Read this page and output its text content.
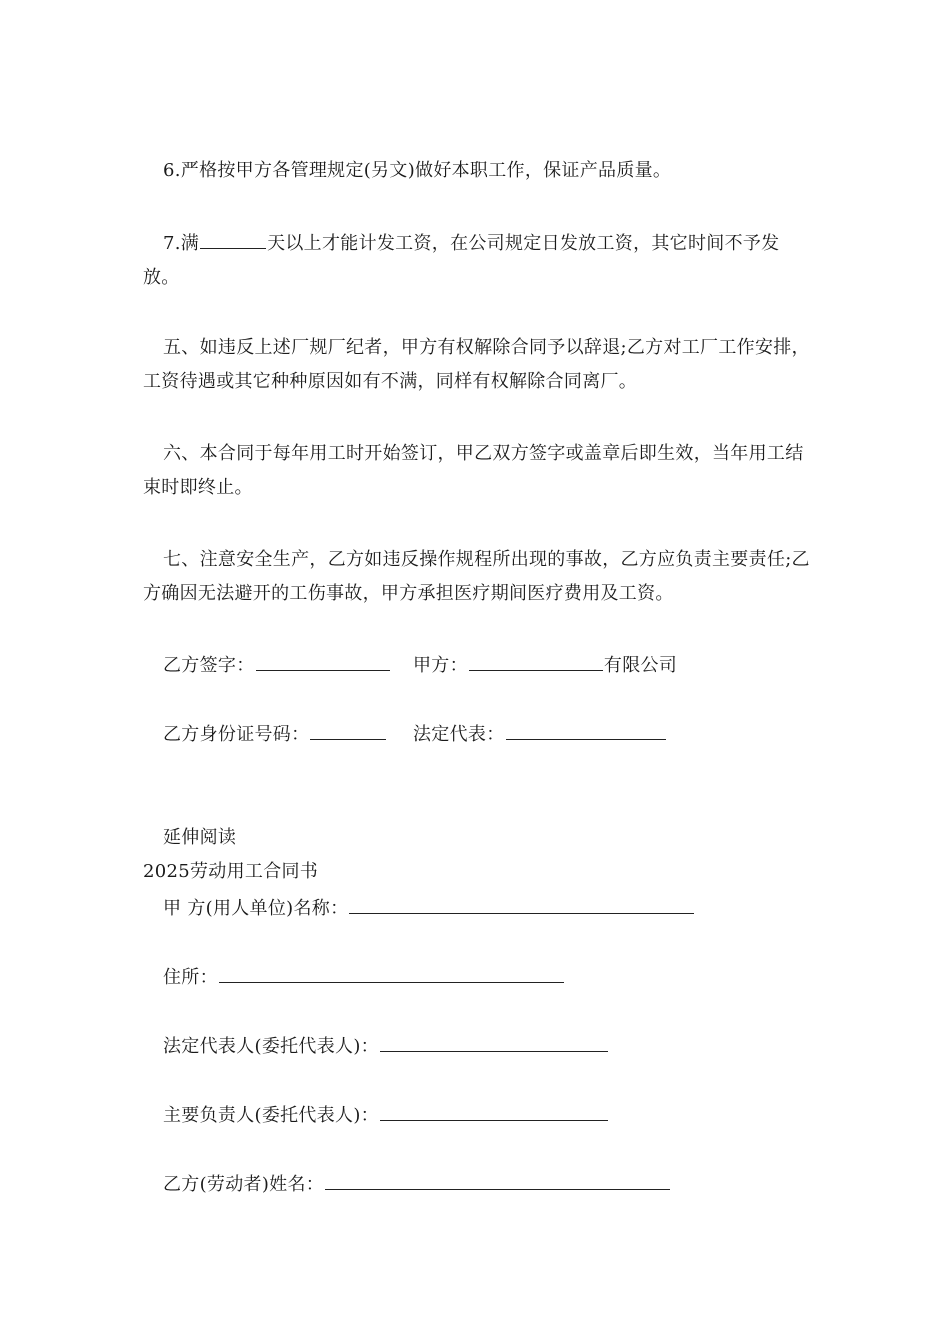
6.严格按甲方各管理规定(另文)做好本职工作，保证产品质量。

7.满	天以上才能计发工资，在公司规定日发放工资，其它时间不予发放。

五、如违反上述厂规厂纪者，甲方有权解除合同予以辞退;乙方对工厂工作安排，工资待遇或其它种种原因如有不满，同样有权解除合同离厂。

六、本合同于每年用工时开始签订，甲乙双方签字或盖章后即生效，当年用工结束时即终止。

七、注意安全生产，乙方如违反操作规程所出现的事故，乙方应负责主要责任;乙方确因无法避开的工伤事故，甲方承担医疗期间医疗费用及工资。

乙方签字：	甲方：	有限公司
乙方身份证号码：	法定代表：
延伸阅读
2025劳动用工合同书
甲 方(用人单位)名称：
住所：
法定代表人(委托代表人)：
主要负责人(委托代表人)：
乙方(劳动者)姓名：
